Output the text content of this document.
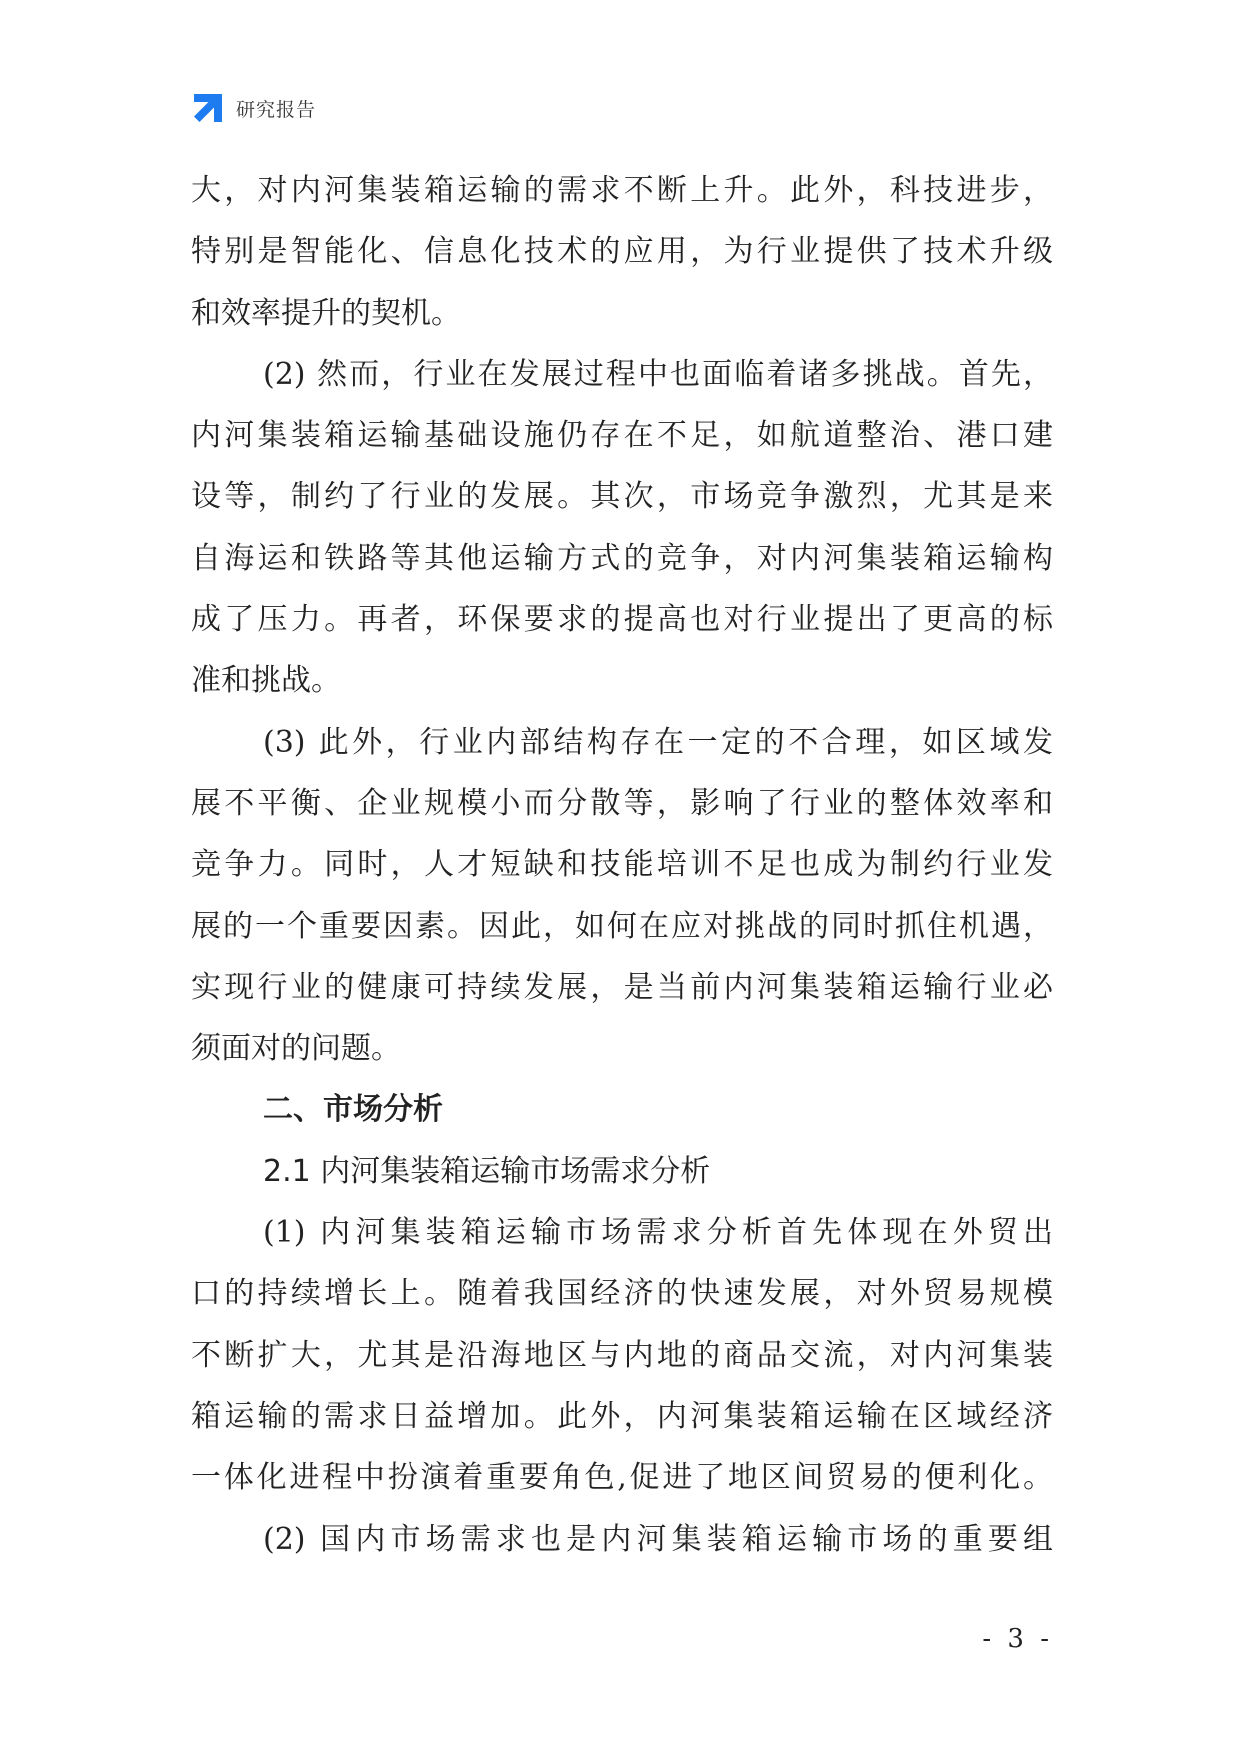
研究报告
大，对内河集装箱运输的需求不断上升。此外，科技进步，
特别是智能化、信息化技术的应用，为行业提供了技术升级
和效率提升的契机。
(2) 然而，行业在发展过程中也面临着诸多挑战。首先，
内河集装箱运输基础设施仍存在不足，如航道整治、港口建
设等，制约了行业的发展。其次，市场竞争激烈，尤其是来
自海运和铁路等其他运输方式的竞争，对内河集装箱运输构
成了压力。再者，环保要求的提高也对行业提出了更高的标
准和挑战。
(3) 此外，行业内部结构存在一定的不合理，如区域发
展不平衡、企业规模小而分散等，影响了行业的整体效率和
竞争力。同时，人才短缺和技能培训不足也成为制约行业发
展的一个重要因素。因此，如何在应对挑战的同时抓住机遇，
实现行业的健康可持续发展，是当前内河集装箱运输行业必
须面对的问题。
二、市场分析
2.1 内河集装箱运输市场需求分析
(1) 内河集装箱运输市场需求分析首先体现在外贸出
口的持续增长上。随着我国经济的快速发展，对外贸易规模
不断扩大，尤其是沿海地区与内地的商品交流，对内河集装
箱运输的需求日益增加。此外，内河集装箱运输在区域经济
一体化进程中扮演着重要角色,促进了地区间贸易的便利化。
(2) 国内市场需求也是内河集装箱运输市场的重要组
- 3 -
